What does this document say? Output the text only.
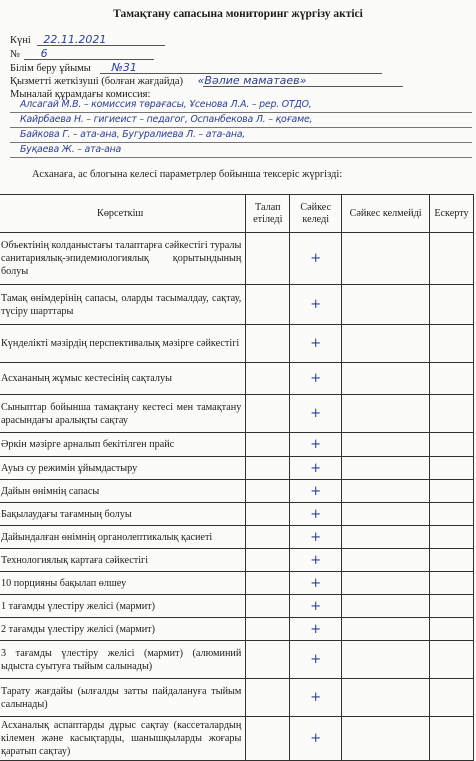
Тамақтану сапасына мониторинг жүргізу актісі
Күні 22.11.2021
№ 6
Білім беру ұйымы №31
Қызметті жеткізуші (болған жағдайда) «Bәлие маматаев»
Мыналай құрамдағы комиссия:
Алсагай М.В. – комиссия төрағасы, Ұсенова Л.А. – рер. ОТДО,
Кайрбаева Н. – гигиеист – педагог, Оспанбекова Л. – қоғаме,
Байкова Г. – ата-ана, Бугуралиева Л. – ата-ана,
Буқаева Ж. – ата-ана
Асханаға, ас блогына келесі параметрлер бойынша тексеріс жүргізді:
Көрсеткіш	Талап етіледі	Сәйкес келеді	Сәйкес келмейді	Ескерту
Объектінің колданыстағы талаптарға сәйкестігі туралы санитариялық-эпидемиологиялық қорытындының болуы		+		
Тамақ өнімдерінің сапасы, оларды тасымалдау, сақтау, түсіру шарттары		+		
Күнделікті мәзірдің перспективалық мәзірге сәйкестігі		+		
Асхананың жұмыс кестесінің сақталуы		+		
Сыныптар бойынша тамақтану кестесі мен тамақтану арасындағы аралықты сақтау		+		
Әркін мәзірге арналып бекітілген прайс		+		
Ауыз су режимін ұйымдастыру		+		
Дайын өнімнің сапасы		+		
Бақылаудағы тағамның болуы		+		
Дайындалған өнімнің органолептикалық қасиеті		+		
Технологиялық картаға сәйкестігі		+		
10 порцияны бақылап өлшеу		+		
1 тағамды үлестіру желісі (мармит)		+		
2 тағамды үлестіру желісі (мармит)		+		
3 тағамды үлестіру желісі (мармит) (алюминий ыдыста суытуға тыйым салынады)		+		
Тарату жағдайы (ылғалды затты пайдалануға тыйым салынады)		+		
Асханалық аспаптарды дұрыс сақтау (кассеталардың кілемен және касықтарды, шанышқыларды жоғары қаратып сақтау)		+		
